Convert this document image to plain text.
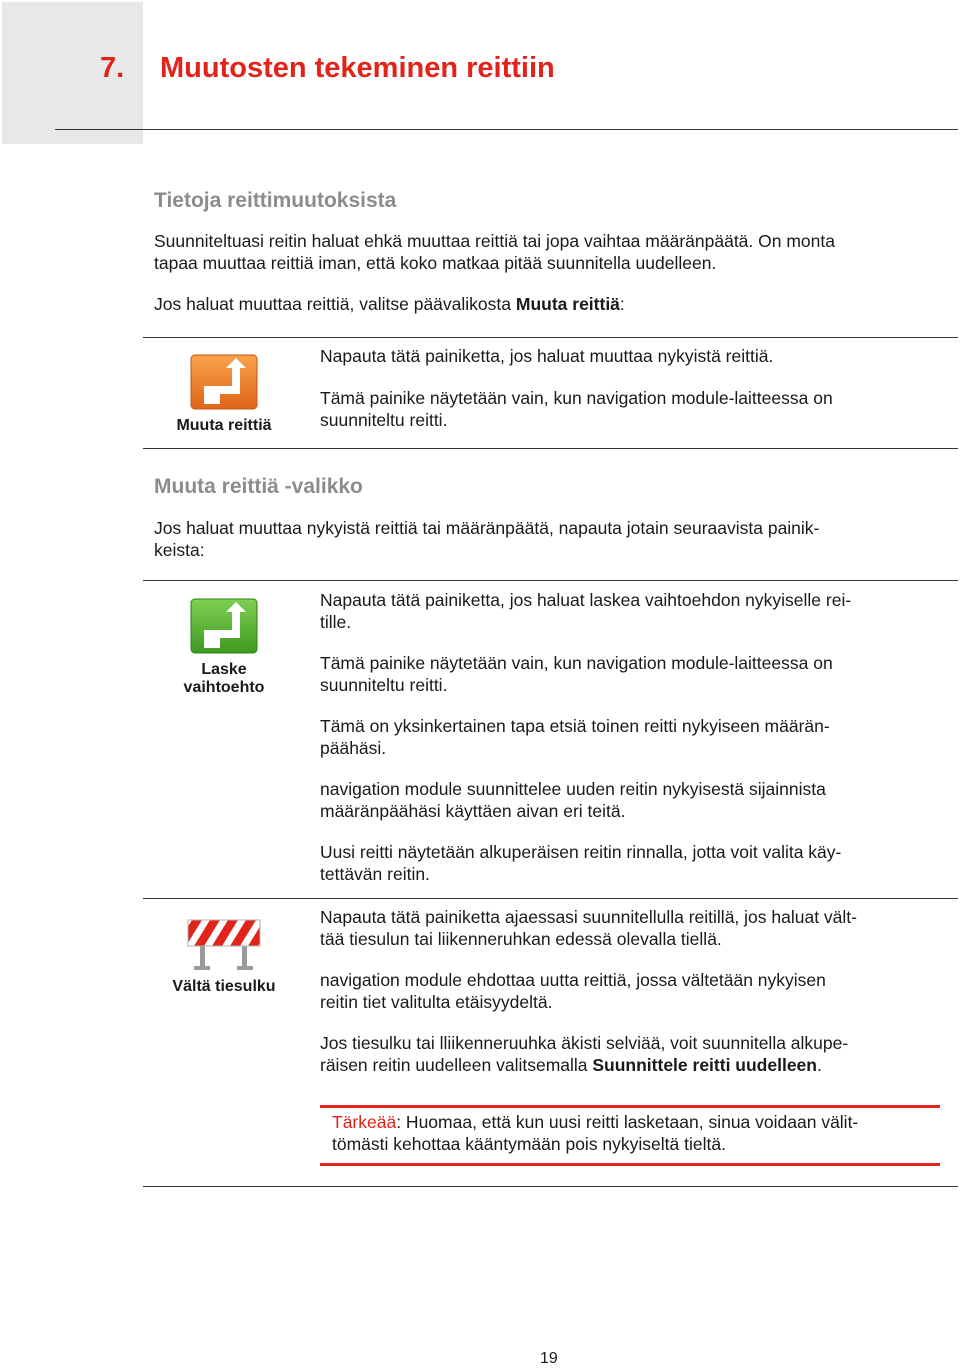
7. Muutosten tekeminen reittiin
Tietoja reittimuutoksista
Suunniteltuasi reitin haluat ehkä muuttaa reittiä tai jopa vaihtaa määränpäätä. On monta
tapaa muuttaa reittiä iman, että koko matkaa pitää suunnitella uudelleen.
Jos haluat muuttaa reittiä, valitse päävalikosta Muuta reittiä:
Muuta reittiä
Napauta tätä painiketta, jos haluat muuttaa nykyistä reittiä.
Tämä painike näytetään vain, kun navigation module-laitteessa on
suunniteltu reitti.
Muuta reittiä -valikko
Jos haluat muuttaa nykyistä reittiä tai määränpäätä, napauta jotain seuraavista painik-
keista:
Laske
vaihtoehto
Napauta tätä painiketta, jos haluat laskea vaihtoehdon nykyiselle rei-
tille.
Tämä painike näytetään vain, kun navigation module-laitteessa on
suunniteltu reitti.
Tämä on yksinkertainen tapa etsiä toinen reitti nykyiseen määrän-
päähäsi.
navigation module suunnittelee uuden reitin nykyisestä sijainnista
määränpäähäsi käyttäen aivan eri teitä.
Uusi reitti näytetään alkuperäisen reitin rinnalla, jotta voit valita käy-
tettävän reitin.
Vältä tiesulku
Napauta tätä painiketta ajaessasi suunnitellulla reitillä, jos haluat vält-
tää tiesulun tai liikenneruhkan edessä olevalla tiellä.
navigation module ehdottaa uutta reittiä, jossa vältetään nykyisen
reitin tiet valitulta etäisyydeltä.
Jos tiesulku tai lliikenneruuhka äkisti selviää, voit suunnitella alkupe-
räisen reitin uudelleen valitsemalla Suunnittele reitti uudelleen.
Tärkeää: Huomaa, että kun uusi reitti lasketaan, sinua voidaan välit-
tömästi kehottaa kääntymään pois nykyiseltä tieltä.
19
